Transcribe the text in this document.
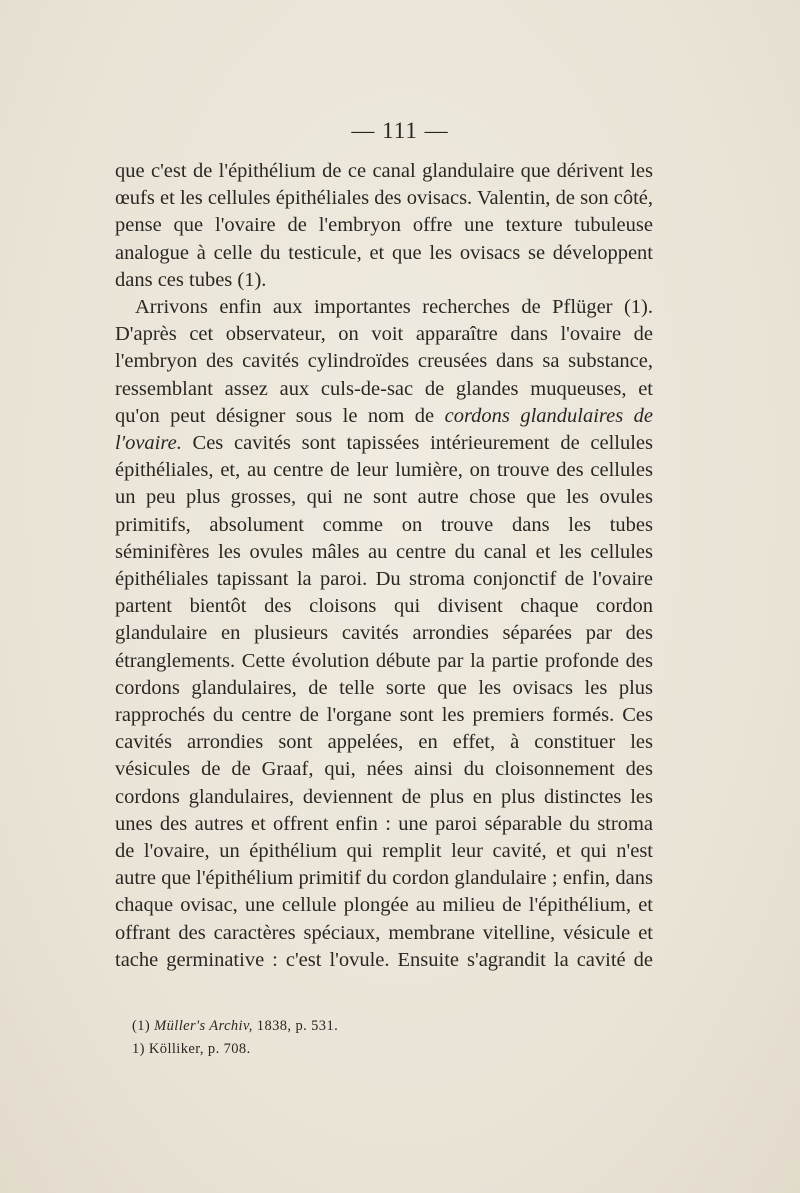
— 111 —

que c'est de l'épithélium de ce canal glandulaire que dérivent les œufs et les cellules épithéliales des ovisacs. Valentin, de son côté, pense que l'ovaire de l'embryon offre une texture tubuleuse analogue à celle du testicule, et que les ovisacs se développent dans ces tubes (1).

Arrivons enfin aux importantes recherches de Pflüger (1). D'après cet observateur, on voit apparaître dans l'ovaire de l'embryon des cavités cylindroïdes creusées dans sa substance, ressemblant assez aux culs-de-sac de glandes muqueuses, et qu'on peut désigner sous le nom de cordons glandulaires de l'ovaire. Ces cavités sont tapissées intérieurement de cellules épithéliales, et, au centre de leur lumière, on trouve des cellules un peu plus grosses, qui ne sont autre chose que les ovules primitifs, absolument comme on trouve dans les tubes séminifères les ovules mâles au centre du canal et les cellules épithéliales tapissant la paroi. Du stroma conjonctif de l'ovaire partent bientôt des cloisons qui divisent chaque cordon glandulaire en plusieurs cavités arrondies séparées par des étranglements. Cette évolution débute par la partie profonde des cordons glandulaires, de telle sorte que les ovisacs les plus rapprochés du centre de l'organe sont les premiers formés. Ces cavités arrondies sont appelées, en effet, à constituer les vésicules de de Graaf, qui, nées ainsi du cloisonnement des cordons glandulaires, deviennent de plus en plus distinctes les unes des autres et offrent enfin : une paroi séparable du stroma de l'ovaire, un épithélium qui remplit leur cavité, et qui n'est autre que l'épithélium primitif du cordon glandulaire ; enfin, dans chaque ovisac, une cellule plongée au milieu de l'épithélium, et offrant des caractères spéciaux, membrane vitelline, vésicule et tache germinative : c'est l'ovule. Ensuite s'agrandit la cavité de

(1) Müller's Archiv, 1838, p. 531.
1) Kölliker, p. 708.
